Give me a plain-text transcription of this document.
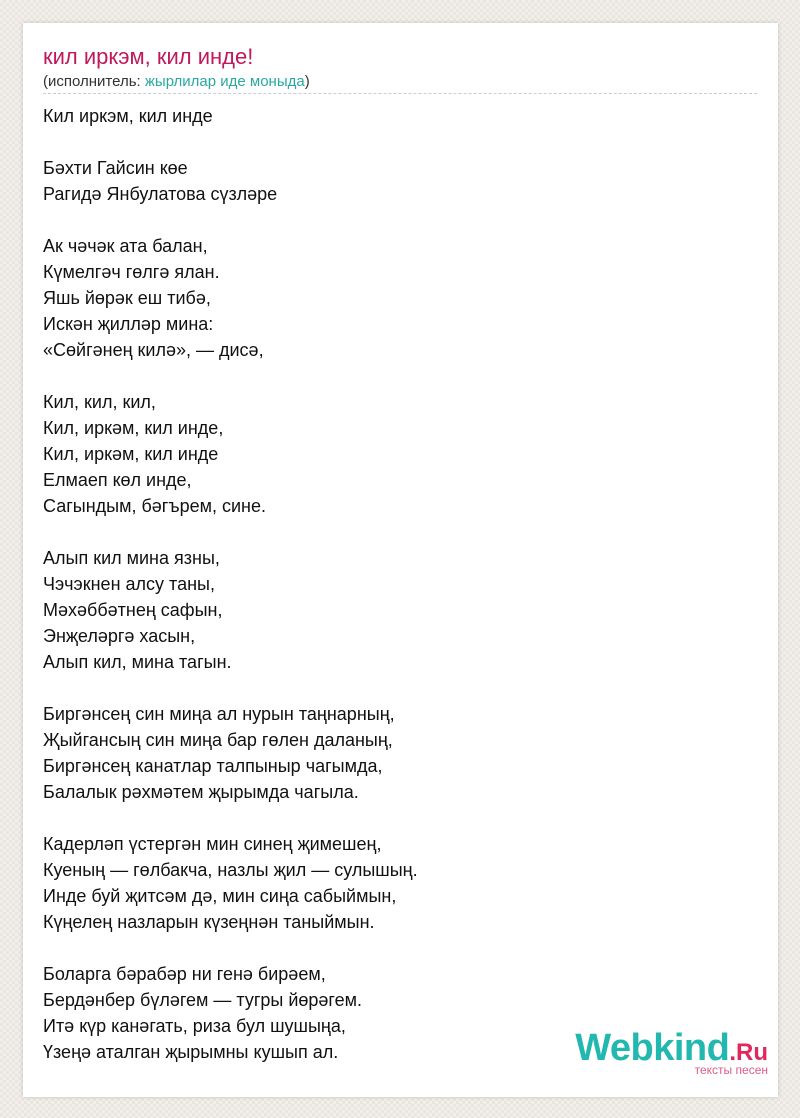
кил иркэм, кил инде!
(исполнитель: жырлилар иде моныда)
Кил иркэм, кил инде
Бәхти Гайсин көе
Рагидә Янбулатова сүзләре
Ак чәчәк ата балан,
Күмелгәч гөлгә ялан.
Яшь йөрәк еш тибә,
Искән җилләр мина:
«Сөйгәнең килә», — дисә,
Кил, кил, кил,
Кил, иркәм, кил инде,
Кил, иркәм, кил инде
Елмаеп көл инде,
Сагындым, бәгърем, сине.
Алып кил мина язны,
Чэчэкнен алсу таны,
Мәхәббәтнең сафын,
Энҗеләргә хасын,
Алып кил, мина тагын.
Биргәнсең син миңа ал нурын таңнарның,
Җыйгансың син миңа бар гөлен даланың,
Биргәнсең канатлар талпыныр чагымда,
Балалык рәхмәтем җырымда чагыла.
Кадерләп үстергән мин синең җимешең,
Куеның — гөлбакча, назлы җил — сулышың.
Инде буй җитсәм дә, мин сиңа сабыймын,
Күңелең назларын күзеңнән таныймын.
Боларга бәрабәр ни генә бирәем,
Бердәнбер бүләгем — тугры йөрәгем.
Итә күр канәгать, риза бул шушыңа,
Үзеңә аталган җырымны кушып ал.	Webkind.Ru
тексты песен
